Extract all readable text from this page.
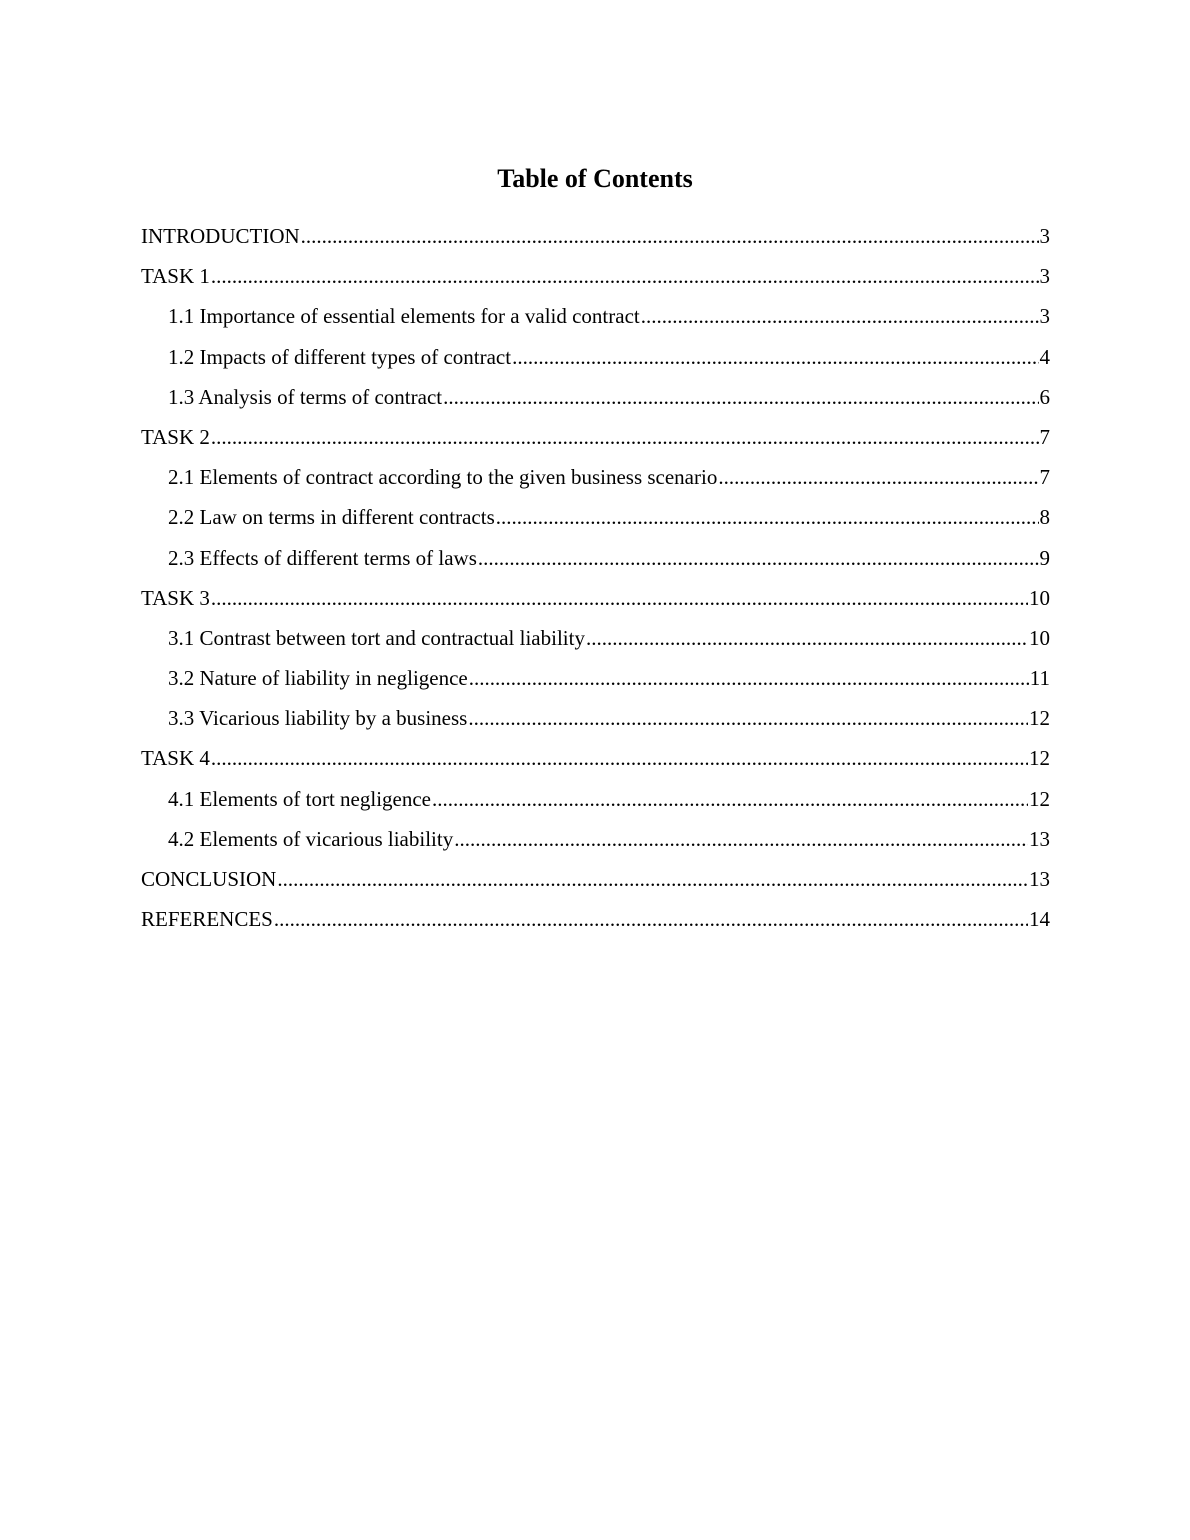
Table of Contents
INTRODUCTION .....	3
TASK 1 .....	3
1.1 Importance of essential elements for a valid contract .....	3
1.2 Impacts of different types of contract .....	4
1.3 Analysis of terms of contract .....	6
TASK 2 .....	7
2.1 Elements of contract according to the given business scenario .....	7
2.2 Law on terms in different contracts .....	8
2.3 Effects of different terms of laws .....	9
TASK 3 .....	10
3.1 Contrast between tort and contractual liability .....	10
3.2 Nature of liability in negligence .....	11
3.3 Vicarious liability by a business .....	12
TASK 4 .....	12
4.1 Elements of tort negligence .....	12
4.2 Elements of vicarious liability .....	13
CONCLUSION .....	13
REFERENCES .....	14
